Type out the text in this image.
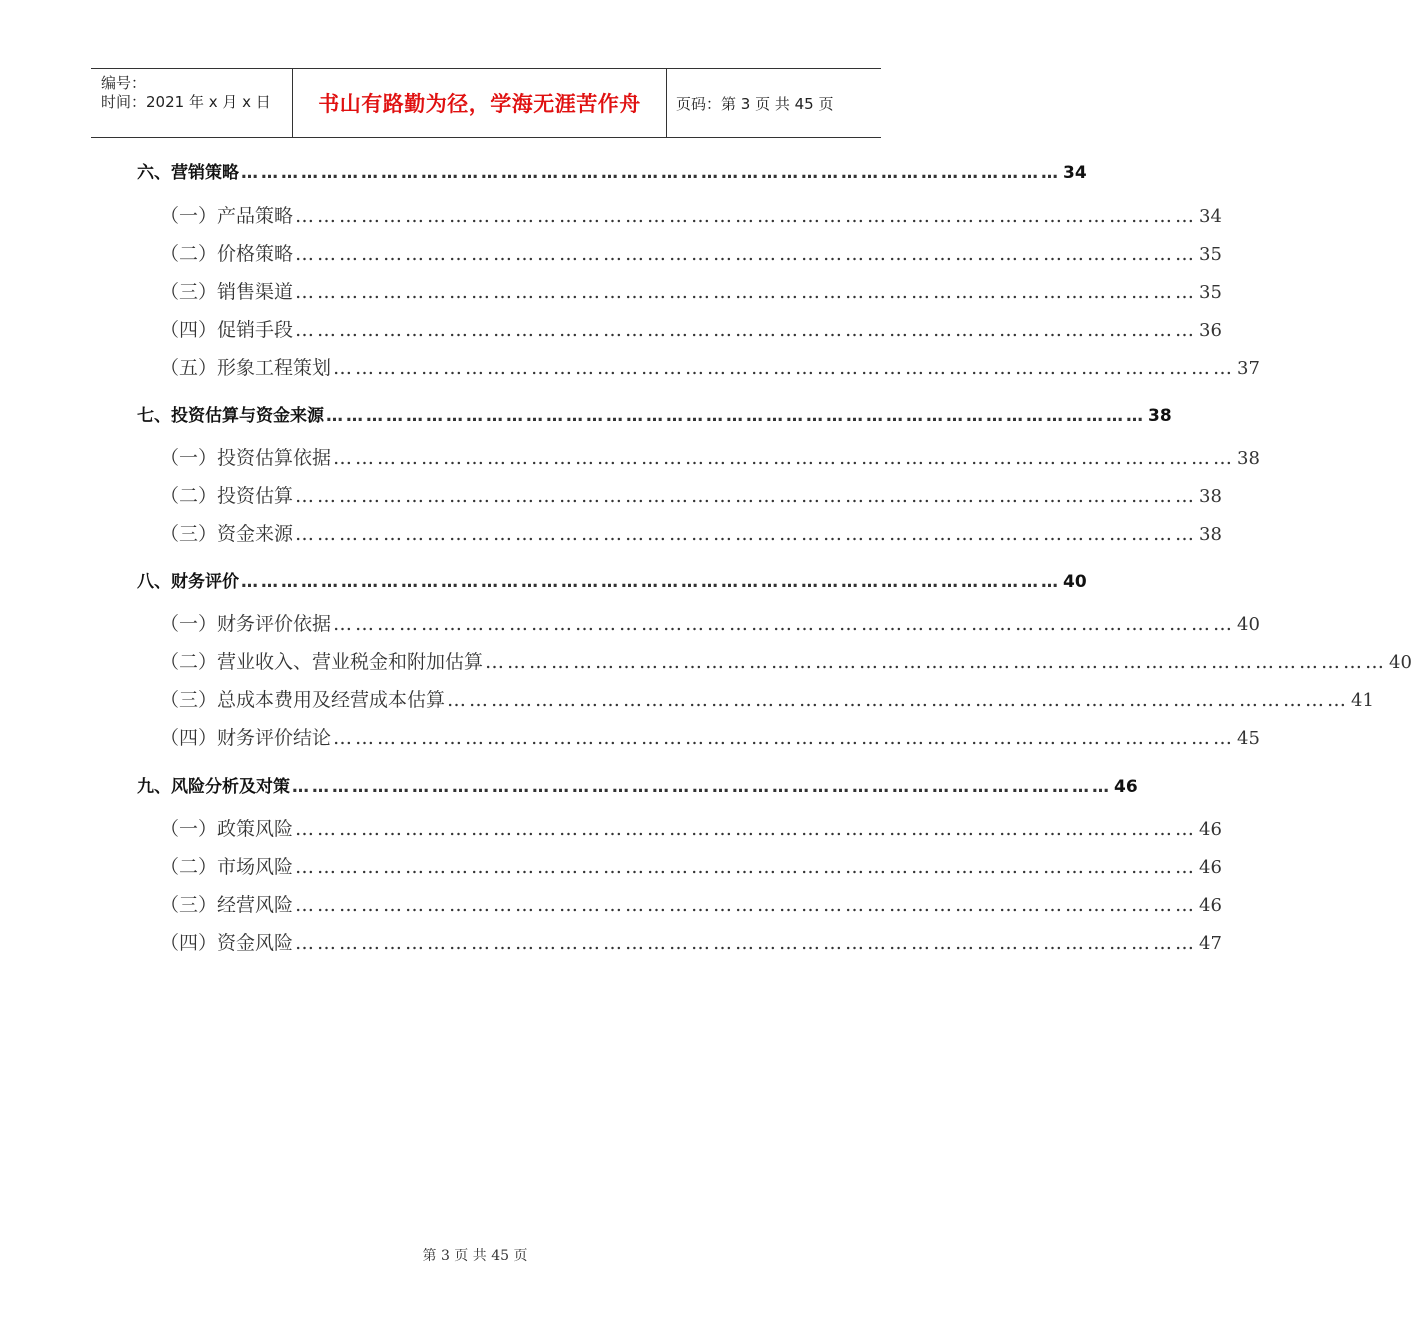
编号：
时间：2021 年 x 月 x 日 书山有路勤为径，学海无涯苦作舟	页码：第 3 页 共 45 页
六、营销策略 …………………………………………………………………………………………………………… 34
（一）产品策略 …………………………………………………………………………………………………………… 34
（二）价格策略 …………………………………………………………………………………………………………… 35
（三）销售渠道 …………………………………………………………………………………………………………… 35
（四）促销手段 …………………………………………………………………………………………………………… 36
（五）形象工程策划 …………………………………………………………………………………………………………… 37
七、投资估算与资金来源 …………………………………………………………………………………………………………… 38
（一）投资估算依据 …………………………………………………………………………………………………………… 38
（二）投资估算 …………………………………………………………………………………………………………… 38
（三）资金来源 …………………………………………………………………………………………………………… 38
八、财务评价 …………………………………………………………………………………………………………… 40
（一）财务评价依据 …………………………………………………………………………………………………………… 40
（二）营业收入、营业税金和附加估算 …………………………………………………………………………………………………………… 40
（三）总成本费用及经营成本估算 …………………………………………………………………………………………………………… 41
（四）财务评价结论 …………………………………………………………………………………………………………… 45
九、风险分析及对策 …………………………………………………………………………………………………………… 46
（一）政策风险 …………………………………………………………………………………………………………… 46
（二）市场风险 …………………………………………………………………………………………………………… 46
（三）经营风险 …………………………………………………………………………………………………………… 46
（四）资金风险 …………………………………………………………………………………………………………… 47
第 3 页 共 45 页
